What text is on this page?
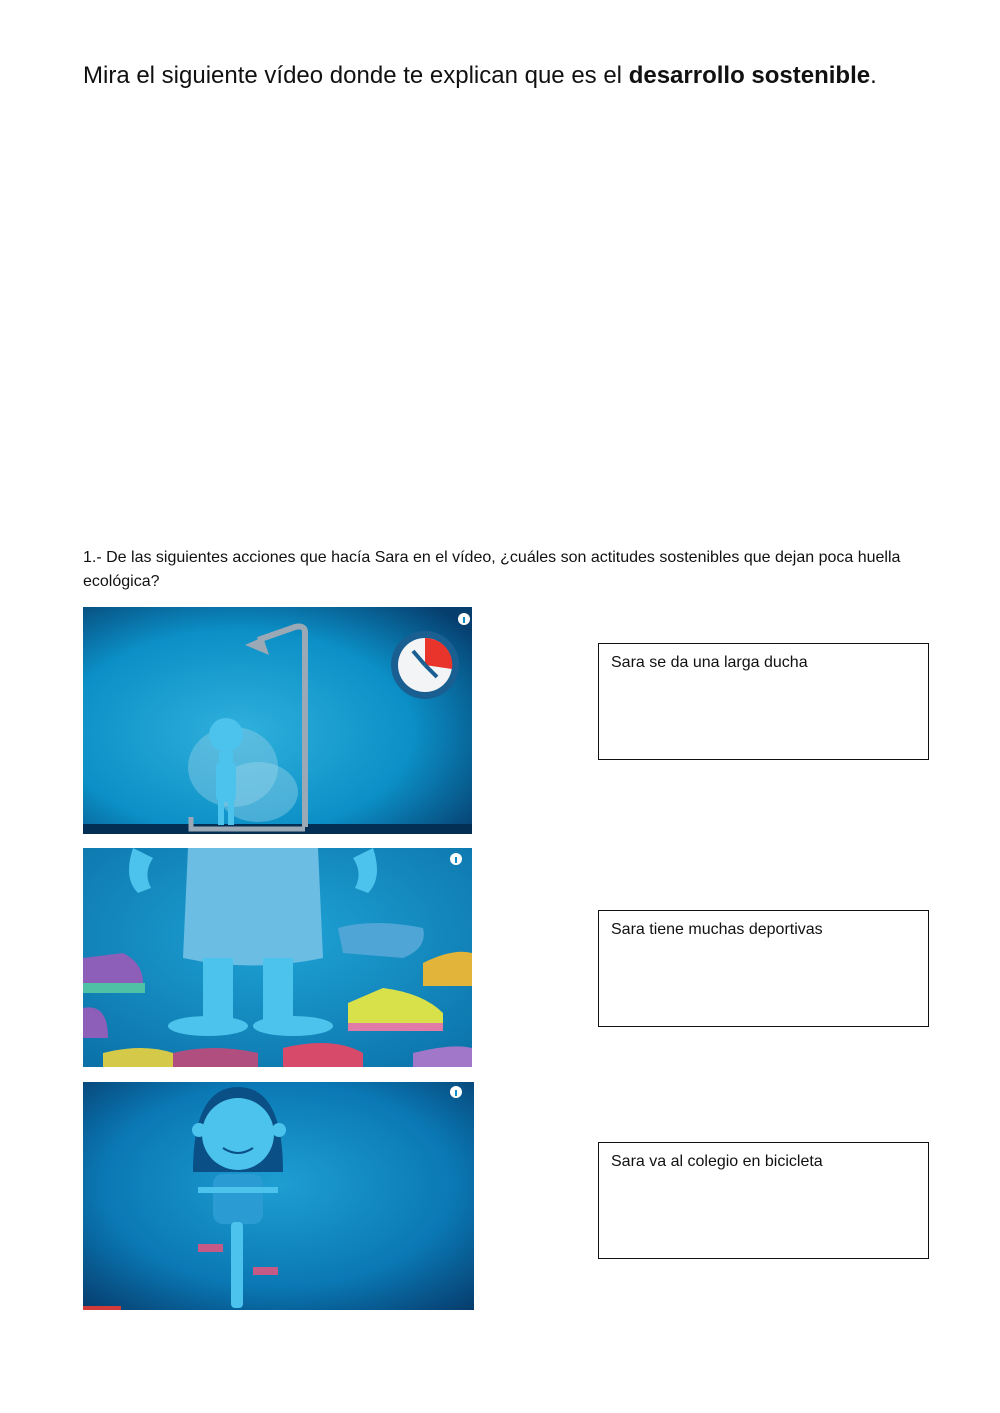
Mira el siguiente vídeo donde te explican que es el desarrollo sostenible.
1.- De las siguientes acciones que hacía Sara en el vídeo, ¿cuáles son actitudes sostenibles que dejan poca huella ecológica?
Sara se da una larga ducha
Sara tiene muchas deportivas
Sara va al colegio en bicicleta
